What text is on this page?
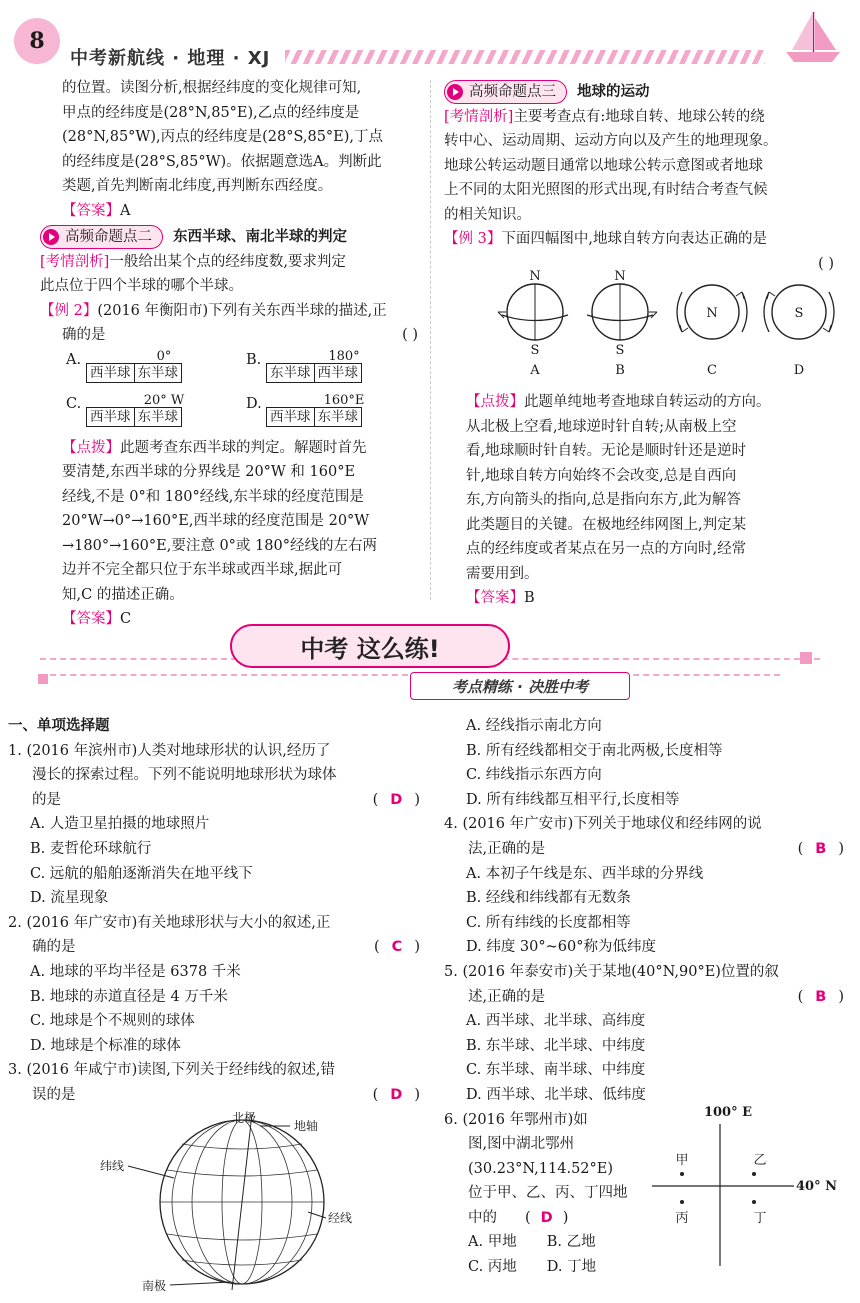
8
中考新航线 · 地理 · XJ

的位置。读图分析,根据经纬度的变化规律可知,

甲点的经纬度是(28°N,85°E),乙点的经纬度是

(28°N,85°W),丙点的经纬度是(28°S,85°E),丁点

的经纬度是(28°S,85°W)。依据题意选A。判断此

类题,首先判断南北纬度,再判断东西经度。

【答案】A

高频命题点二 东西半球、南北半球的判定

[考情剖析]一般给出某个点的经纬度数,要求判定

此点位于四个半球的哪个半球。

【例 2】(2016 年衡阳市)下列有关东西半球的描述,正

确的是	( )

A.	0°
西半球 东半球
B.	180°
东半球 西半球
C.	20° W
西半球 东半球
D.	160°E
西半球 东半球

【点拨】此题考查东西半球的判定。解题时首先

要清楚,东西半球的分界线是 20°W 和 160°E

经线,不是 0°和 180°经线,东半球的经度范围是

20°W→0°→160°E,西半球的经度范围是 20°W

→180°→160°E,要注意 0°或 180°经线的左右两

边并不完全都只位于东半球或西半球,据此可

知,C 的描述正确。

【答案】C

高频命题点三 地球的运动

[考情剖析]主要考查点有:地球自转、地球公转的绕

转中心、运动周期、运动方向以及产生的地理现象。

地球公转运动题目通常以地球公转示意图或者地球

上不同的太阳光照图的形式出现,有时结合考查气候

的相关知识。

【例 3】下面四幅图中,地球自转方向表达正确的是

( )

N
S
A
N
S
B
N
C
S
D

【点拨】此题单纯地考查地球自转运动的方向。

从北极上空看,地球逆时针自转;从南极上空

看,地球顺时针自转。无论是顺时针还是逆时

针,地球自转方向始终不会改变,总是自西向

东,方向箭头的指向,总是指向东方,此为解答

此类题目的关键。在极地经纬网图上,判定某

点的经纬度或者某点在另一点的方向时,经常

需要用到。

【答案】B

中考 这么练!
考点精练 · 决胜中考

一、单项选择题

1. (2016 年滨州市)人类对地球形状的认识,经历了

漫长的探索过程。下列不能说明地球形状为球体

的是	( D )

A. 人造卫星拍摄的地球照片

B. 麦哲伦环球航行

C. 远航的船舶逐渐消失在地平线下

D. 流星现象

2. (2016 年广安市)有关地球形状与大小的叙述,正

确的是	( C )

A. 地球的平均半径是 6378 千米

B. 地球的赤道直径是 4 万千米

C. 地球是个不规则的球体

D. 地球是个标准的球体

3. (2016 年咸宁市)读图,下列关于经纬线的叙述,错

误的是	( D )

北极
地轴
纬线
经线
南极

A. 经线指示南北方向

B. 所有经线都相交于南北两极,长度相等

C. 纬线指示东西方向

D. 所有纬线都互相平行,长度相等

4. (2016 年广安市)下列关于地球仪和经纬网的说

法,正确的是	( B )

A. 本初子午线是东、西半球的分界线

B. 经线和纬线都有无数条

C. 所有纬线的长度都相等

D. 纬度 30°~60°称为低纬度

5. (2016 年泰安市)关于某地(40°N,90°E)位置的叙

述,正确的是	( B )

A. 西半球、北半球、高纬度

B. 东半球、北半球、中纬度

C. 东半球、南半球、中纬度

D. 西半球、北半球、低纬度

6. (2016 年鄂州市)如

图,图中湖北鄂州

(30.23°N,114.52°E)

位于甲、乙、丙、丁四地

中的 ( D )

A. 甲地 B. 乙地

C. 丙地 D. 丁地

100° E
40° N
甲	乙
丙	丁
